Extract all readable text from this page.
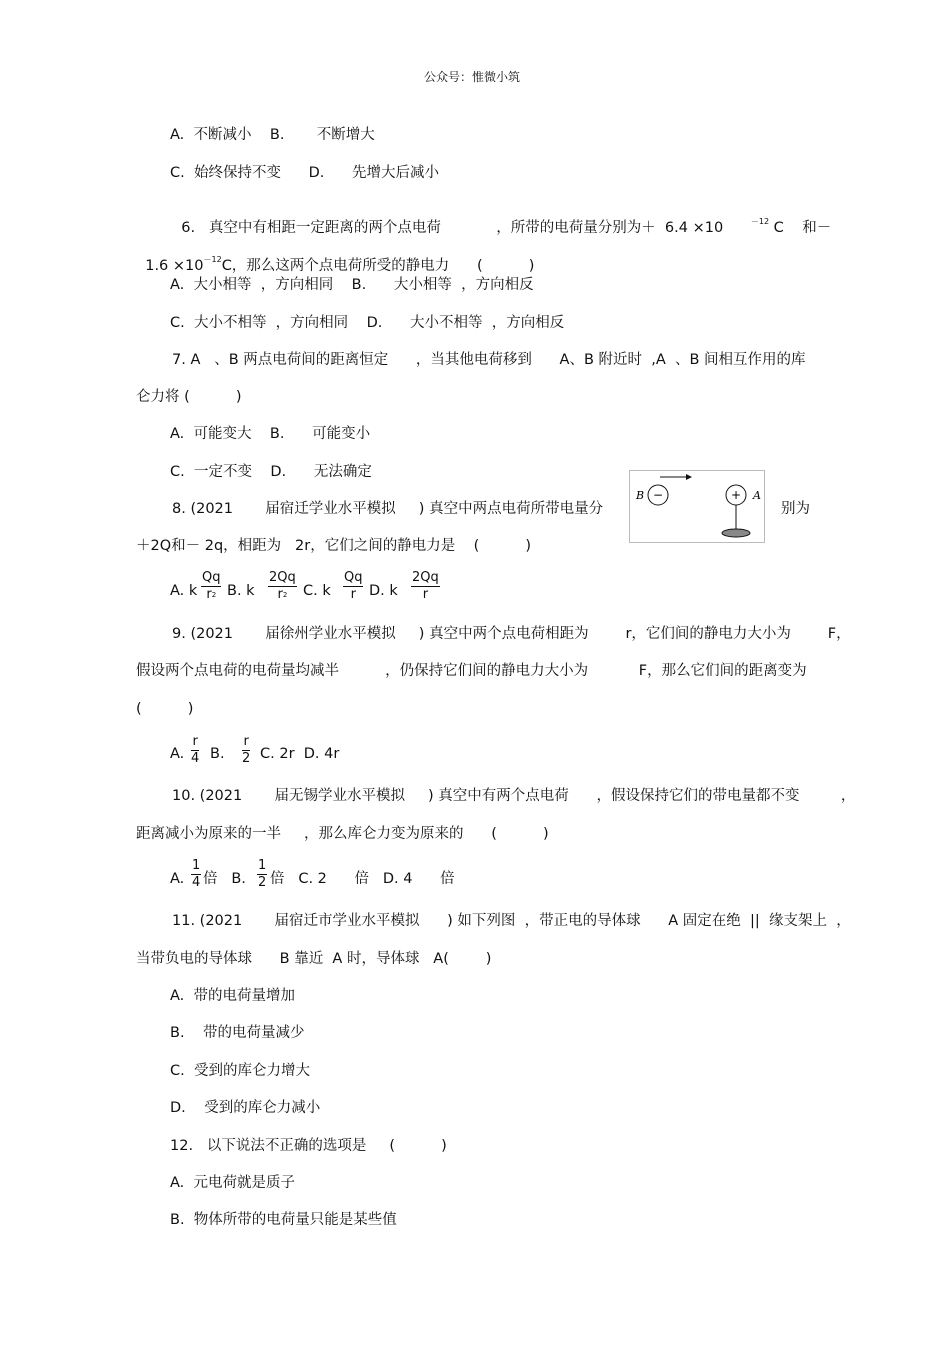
公众号：惟微小筑
A.  不断减小    B.       不断增大
C.  始终保持不变      D.      先增大后减小

6.   真空中有相距一定距离的两个点电荷	，所带的电荷量分别为＋  6.4 ×10	$^{-12}$ C    和－

$1.6 \times 10^{-12}C$，那么这两个点电荷所受的静电力      (          )

A.  大小相等  ，方向相同    B.      大小相等  ，方向相反
C.  大小不相等  ，方向相同    D.      大小不相等  ，方向相反
7. A   、B 两点电荷间的距离恒定      ，当其他电荷移到      A、B 附近时  ,A  、B 间相互作用的库
仑力将 (          )
A.  可能变大    B.      可能变小
C.  一定不变    D.      无法确定
8. (2021       届宿迁学业水平模拟     ) 真空中两点电荷所带电量分	别为
＋2Q和－ 2q，相距为   2r，它们之间的静电力是    (          )
−
B	+ A
A. k $\frac{Qq}{r^2} B$. k $\frac{2Qq}{r^2} C$. k $\frac{Qq}{r} D$. k $\frac{2Qq}{r}$
9. (2021       届徐州学业水平模拟     ) 真空中两个点电荷相距为        r，它们间的静电力大小为        F，
假设两个点电荷的电荷量均减半          ，仍保持它们间的静电力大小为           F，那么它们间的距离变为
(          )
A. $\frac{r}{4} B$. $\frac{r}{2} C$. 2r  D. 4r
10. (2021       届无锡学业水平模拟     ) 真空中有两个点电荷      ，假设保持它们的带电量都不变         ，
距离减小为原来的一半     ，那么库仑力变为原来的      (          )
A. $\frac{1}{4}$ 倍   B. $\frac{1}{2}$ 倍   C. 2      倍   D. 4      倍
11. (2021       届宿迁市学业水平模拟      ) 如下列图  ，带正电的导体球      A 固定在绝  ||  缘支架上  ，
当带负电的导体球      B 靠近  A 时，导体球   A(        )
A.  带的电荷量增加
B.    带的电荷量减少
C.  受到的库仑力增大
D.    受到的库仑力减小
12.   以下说法不正确的选项是     (          )
A.  元电荷就是质子
B.  物体所带的电荷量只能是某些值
